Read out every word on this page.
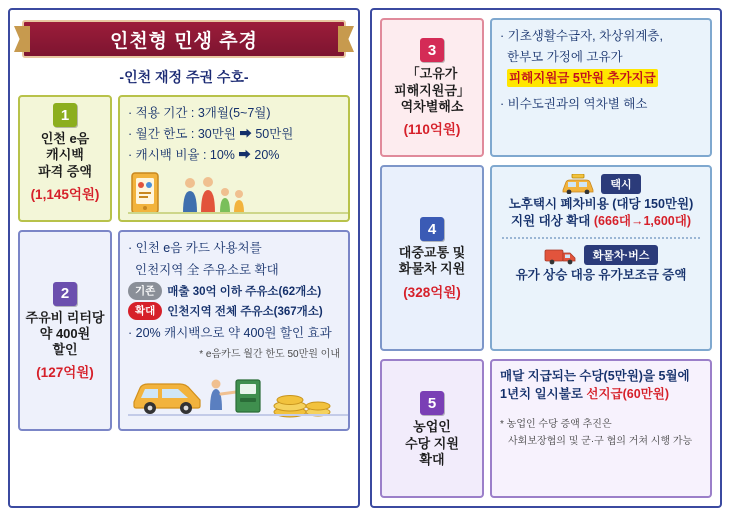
인천형 민생 추경
-인천 재정 주권 수호-
1
인천 e음
캐시백
파격 증액
(1,145억원)
· 적용 기간 : 3개월(5~7월)
· 월간 한도 : 30만원 ➡ 50만원
· 캐시백 비율 : 10% ➡ 20%
2
주유비 리터당
약 400원
할인
(127억원)
· 인천 e음 카드 사용처를
인천지역 全 주유소로 확대
기존	매출 30억 이하 주유소(62개소)
확대	인천지역 전체 주유소(367개소)
· 20% 캐시백으로 약 400원 할인 효과
* e음카드 월간 한도 50만원 이내
3
「고유가
피해지원금」
역차별해소
(110억원)
· 기초생활수급자, 차상위계층,
한부모 가정에 고유가
피해지원금 5만원 추가지급
· 비수도권과의 역차별 해소
4
대중교통 및
화물차 지원
(328억원)
택시
노후택시 폐차비용 (대당 150만원)
지원 대상 확대 (666대→1,600대)
화물차·버스
유가 상승 대응 유가보조금 증액
5
농업인
수당 지원
확대
매달 지급되는 수당(5만원)을 5월에
1년치 일시불로 선지급(60만원)
* 농업인 수당 증액 추진은
사회보장협의 및 군·구 협의 거쳐 시행 가능
